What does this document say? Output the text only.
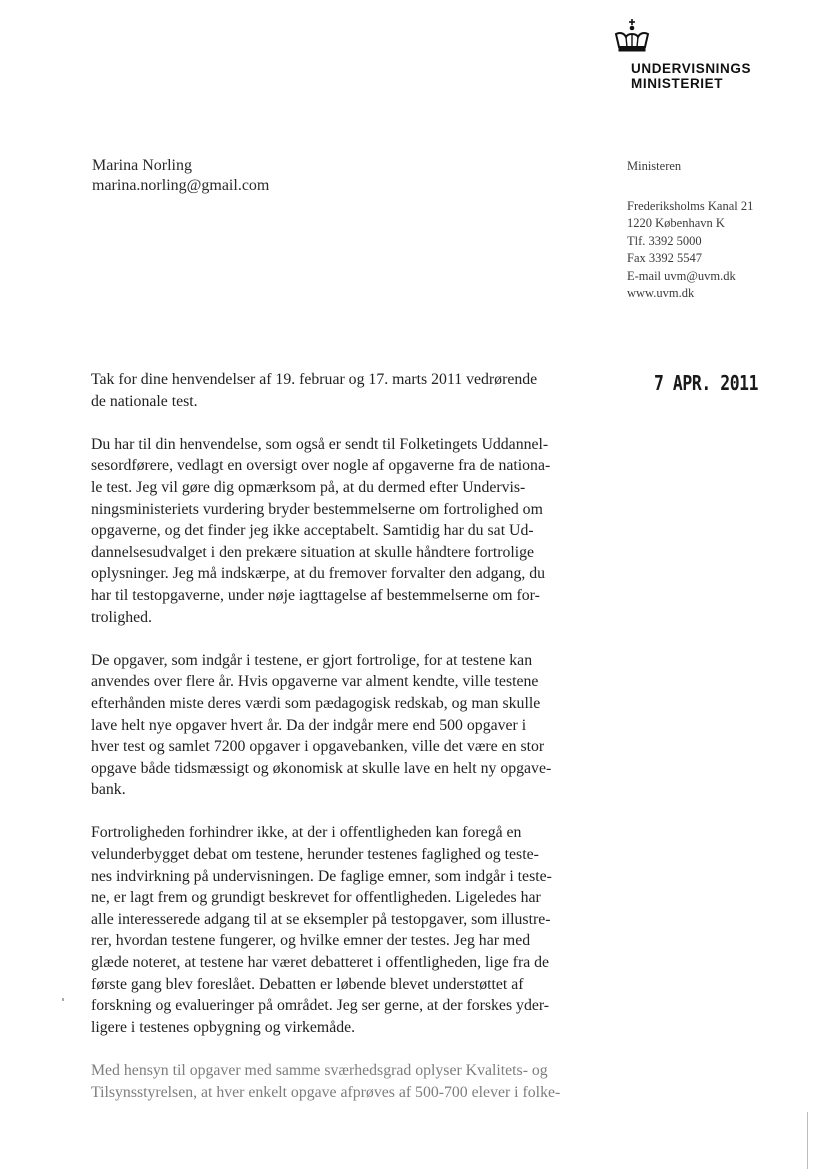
UNDERVISNINGS
MINISTERIET
Marina Norling
marina.norling@gmail.com
Ministeren
Frederiksholms Kanal 21
1220 København K
Tlf. 3392 5000
Fax 3392 5547
E-mail uvm@uvm.dk
www.uvm.dk
7 APR. 2011
Tak for dine henvendelser af 19. februar og 17. marts 2011 vedrørende
de nationale test.
Du har til din henvendelse, som også er sendt til Folketingets Uddannel-
sesordførere, vedlagt en oversigt over nogle af opgaverne fra de nationa-
le test. Jeg vil gøre dig opmærksom på, at du dermed efter Undervis-
ningsministeriets vurdering bryder bestemmelserne om fortrolighed om
opgaverne, og det finder jeg ikke acceptabelt. Samtidig har du sat Ud-
dannelsesudvalget i den prekære situation at skulle håndtere fortrolige
oplysninger. Jeg må indskærpe, at du fremover forvalter den adgang, du
har til testopgaverne, under nøje iagttagelse af bestemmelserne om for-
trolighed.
De opgaver, som indgår i testene, er gjort fortrolige, for at testene kan
anvendes over flere år. Hvis opgaverne var alment kendte, ville testene
efterhånden miste deres værdi som pædagogisk redskab, og man skulle
lave helt nye opgaver hvert år. Da der indgår mere end 500 opgaver i
hver test og samlet 7200 opgaver i opgavebanken, ville det være en stor
opgave både tidsmæssigt og økonomisk at skulle lave en helt ny opgave-
bank.
Fortroligheden forhindrer ikke, at der i offentligheden kan foregå en
velunderbygget debat om testene, herunder testenes faglighed og teste-
nes indvirkning på undervisningen. De faglige emner, som indgår i teste-
ne, er lagt frem og grundigt beskrevet for offentligheden. Ligeledes har
alle interesserede adgang til at se eksempler på testopgaver, som illustre-
rer, hvordan testene fungerer, og hvilke emner der testes. Jeg har med
glæde noteret, at testene har været debatteret i offentligheden, lige fra de
første gang blev foreslået. Debatten er løbende blevet understøttet af
forskning og evalueringer på området. Jeg ser gerne, at der forskes yder-
ligere i testenes opbygning og virkemåde.
Med hensyn til opgaver med samme sværhedsgrad oplyser Kvalitets- og
Tilsynsstyrelsen, at hver enkelt opgave afprøves af 500-700 elever i folke-
